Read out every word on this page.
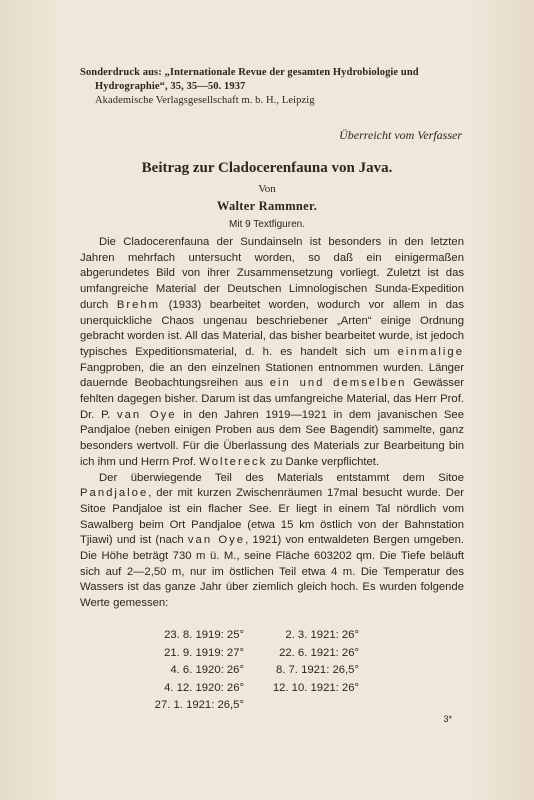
Sonderdruck aus: „Internationale Revue der gesamten Hydrobiologie und
Hydrographie“, 35, 35—50. 1937
Akademische Verlagsgesellschaft m. b. H., Leipzig
Überreicht vom Verfasser
Beitrag zur Cladocerenfauna von Java.
Von
Walter Rammner.
Mit 9 Textfiguren.

Die Cladocerenfauna der Sundainseln ist besonders in den letzten Jahren mehrfach untersucht worden, so daß ein einigermaßen abgerundetes Bild von ihrer Zusammensetzung vorliegt. Zuletzt ist das umfangreiche Material der Deutschen Limnologischen Sunda-Expedition durch Brehm (1933) bearbeitet worden, wodurch vor allem in das unerquickliche Chaos ungenau beschriebener „Arten“ einige Ordnung gebracht worden ist. All das Material, das bisher bearbeitet wurde, ist jedoch typisches Expeditionsmaterial, d. h. es handelt sich um einmalige Fangproben, die an den einzelnen Stationen entnommen wurden. Länger dauernde Beobachtungsreihen aus ein und demselben Gewässer fehlten dagegen bisher. Darum ist das umfangreiche Material, das Herr Prof. Dr. P. van Oye in den Jahren 1919—1921 in dem javanischen See Pandjaloe (neben einigen Proben aus dem See Bagendit) sammelte, ganz besonders wertvoll. Für die Überlassung des Materials zur Bearbeitung bin ich ihm und Herrn Prof. Woltereck zu Danke verpflichtet.

Der überwiegende Teil des Materials entstammt dem Sitoe Pandjaloe, der mit kurzen Zwischenräumen 17mal besucht wurde. Der Sitoe Pandjaloe ist ein flacher See. Er liegt in einem Tal nördlich vom Sawalberg beim Ort Pandjaloe (etwa 15 km östlich von der Bahnstation Tjiawi) und ist (nach van Oye, 1921) von entwaldeten Bergen umgeben. Die Höhe beträgt 730 m ü. M., seine Fläche 603202 qm. Die Tiefe beläuft sich auf 2—2,50 m, nur im östlichen Teil etwa 4 m. Die Temperatur des Wassers ist das ganze Jahr über ziemlich gleich hoch. Es wurden folgende Werte gemessen:

23. 8. 1919: 25°	2. 3. 1921: 26°
21. 9. 1919: 27°	22. 6. 1921: 26°
4. 6. 1920: 26°	8. 7. 1921: 26,5°
4. 12. 1920: 26°	12. 10. 1921: 26°
27. 1. 1921: 26,5°
3*
